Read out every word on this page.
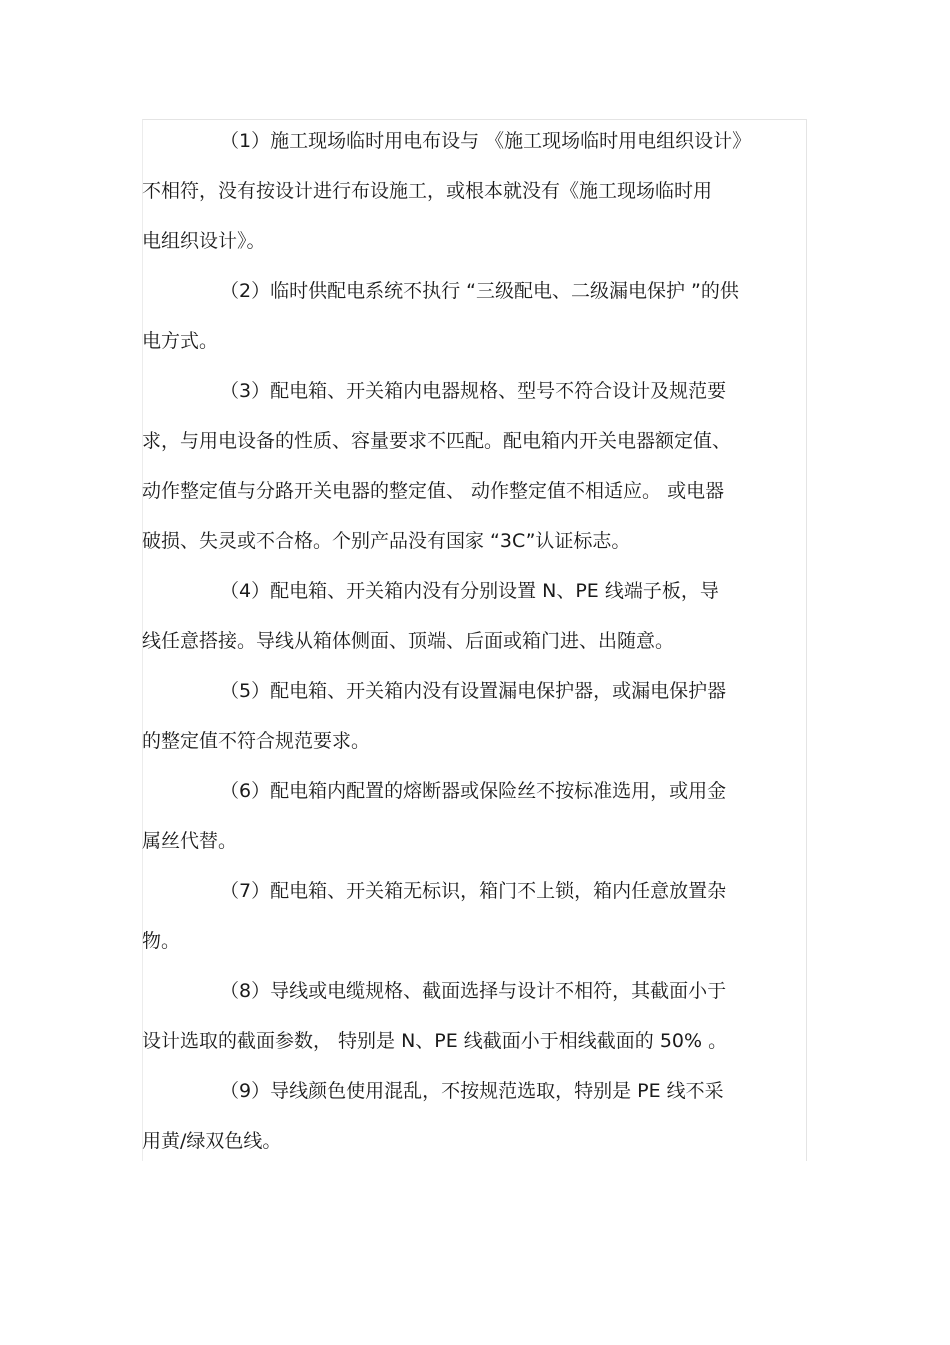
（1）施工现场临时用电布设与 《施工现场临时用电组织设计》
不相符，没有按设计进行布设施工，或根本就没有《施工现场临时用
电组织设计》。
（2）临时供配电系统不执行 “三级配电、二级漏电保护 ”的供
电方式。
（3）配电箱、开关箱内电器规格、型号不符合设计及规范要
求，与用电设备的性质、容量要求不匹配。配电箱内开关电器额定值、
动作整定值与分路开关电器的整定值、 动作整定值不相适应。 或电器
破损、失灵或不合格。个别产品没有国家 “3C”认证标志。
（4）配电箱、开关箱内没有分别设置 N、PE 线端子板，导
线任意搭接。导线从箱体侧面、顶端、后面或箱门进、出随意。
（5）配电箱、开关箱内没有设置漏电保护器，或漏电保护器
的整定值不符合规范要求。
（6）配电箱内配置的熔断器或保险丝不按标准选用，或用金
属丝代替。
（7）配电箱、开关箱无标识，箱门不上锁，箱内任意放置杂
物。
（8）导线或电缆规格、截面选择与设计不相符，其截面小于
设计选取的截面参数， 特别是 N、PE 线截面小于相线截面的 50% 。
（9）导线颜色使用混乱，不按规范选取，特别是 PE 线不采
用黄/绿双色线。
